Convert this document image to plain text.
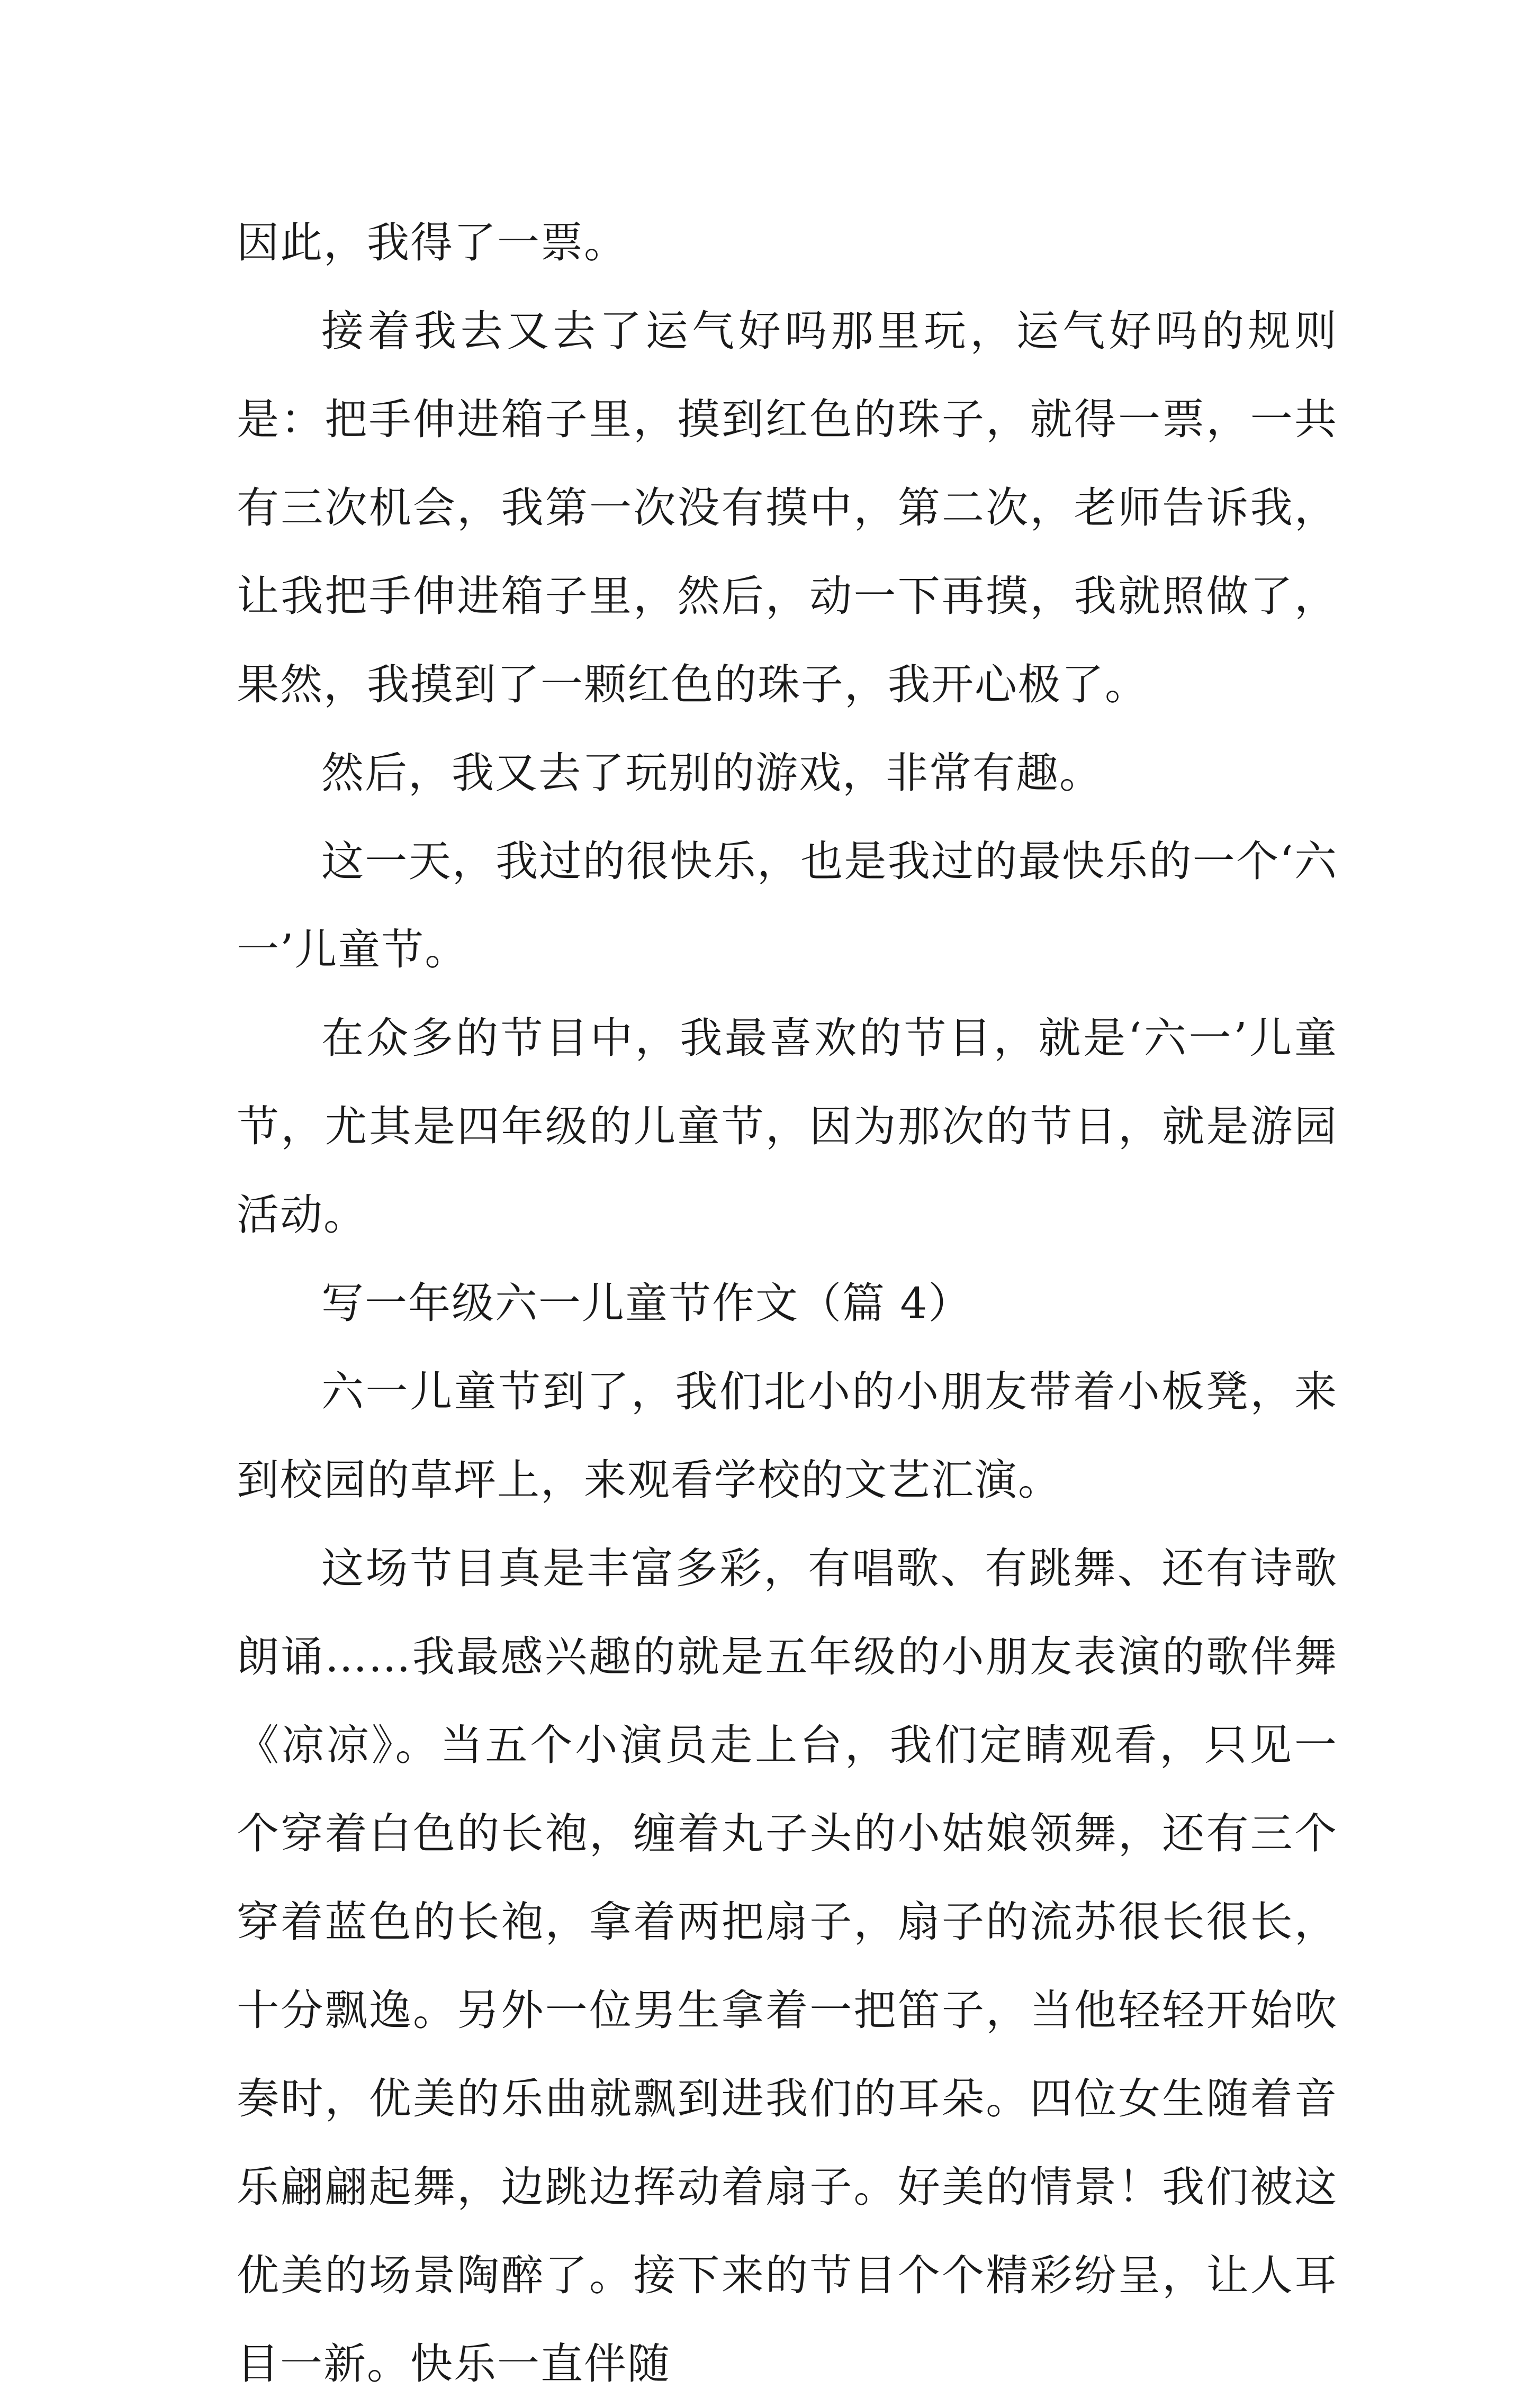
因此，我得了一票。

接着我去又去了运气好吗那里玩，运气好吗的规则是：把手伸进箱子里，摸到红色的珠子，就得一票，一共有三次机会，我第一次没有摸中，第二次，老师告诉我，让我把手伸进箱子里，然后，动一下再摸，我就照做了，果然，我摸到了一颗红色的珠子，我开心极了。

然后，我又去了玩别的游戏，非常有趣。

这一天，我过的很快乐，也是我过的最快乐的一个‘六一’儿童节。

在众多的节目中，我最喜欢的节目，就是‘六一’儿童节，尤其是四年级的儿童节，因为那次的节日，就是游园活动。

写一年级六一儿童节作文（篇 4）

六一儿童节到了，我们北小的小朋友带着小板凳，来到校园的草坪上，来观看学校的文艺汇演。

这场节目真是丰富多彩，有唱歌、有跳舞、还有诗歌朗诵……我最感兴趣的就是五年级的小朋友表演的歌伴舞《凉凉》。当五个小演员走上台，我们定睛观看，只见一个穿着白色的长袍，缠着丸子头的小姑娘领舞，还有三个穿着蓝色的长袍，拿着两把扇子，扇子的流苏很长很长，十分飘逸。另外一位男生拿着一把笛子，当他轻轻开始吹奏时，优美的乐曲就飘到进我们的耳朵。四位女生随着音乐翩翩起舞，边跳边挥动着扇子。好美的情景！我们被这优美的场景陶醉了。接下来的节目个个精彩纷呈，让人耳目一新。快乐一直伴随
